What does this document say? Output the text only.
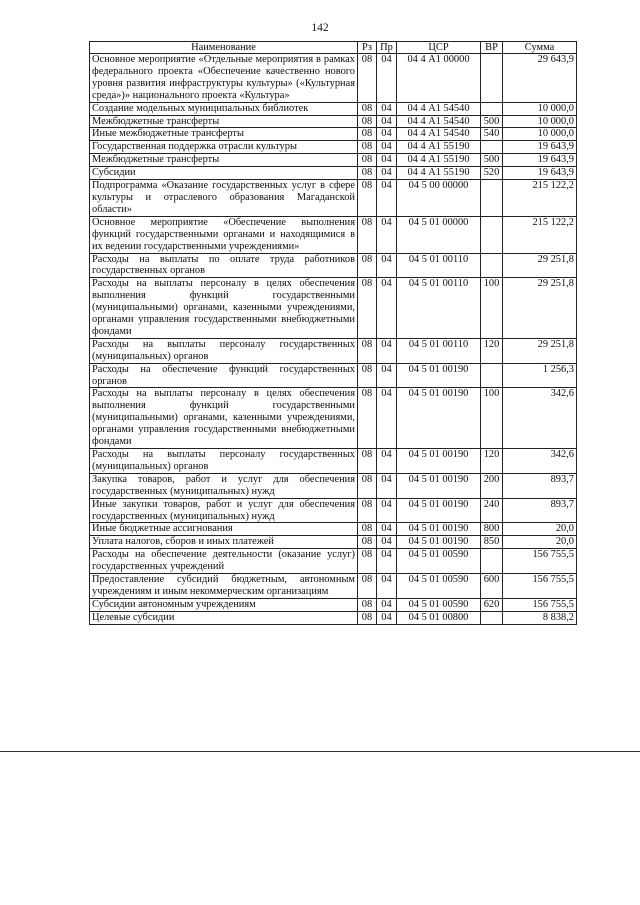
142
Наименование	Рз	Пр	ЦСР	ВР	Сумма
Основное мероприятие «Отдельные мероприятия в рамках федерального проекта «Обеспечение качественно нового уровня развития инфраструктуры культуры» («Культурная среда»)» национального проекта «Культура»	08	04	04 4 А1 00000		29 643,9
Создание модельных муниципальных библиотек	08	04	04 4 А1 54540		10 000,0
Межбюджетные трансферты	08	04	04 4 А1 54540	500	10 000,0
Иные межбюджетные трансферты	08	04	04 4 А1 54540	540	10 000,0
Государственная поддержка отрасли культуры	08	04	04 4 А1 55190		19 643,9
Межбюджетные трансферты	08	04	04 4 А1 55190	500	19 643,9
Субсидии	08	04	04 4 А1 55190	520	19 643,9
Подпрограмма «Оказание государственных услуг в сфере культуры и отраслевого образования Магаданской области»	08	04	04 5 00 00000		215 122,2
Основное мероприятие «Обеспечение выполнения функций государственными органами и находящимися в их ведении государственными учреждениями»	08	04	04 5 01 00000		215 122,2
Расходы на выплаты по оплате труда работников государственных органов	08	04	04 5 01 00110		29 251,8
Расходы на выплаты персоналу в целях обеспечения выполнения функций государственными (муниципальными) органами, казенными учреждениями, органами управления государственными внебюджетными фондами	08	04	04 5 01 00110	100	29 251,8
Расходы на выплаты персоналу государственных (муниципальных) органов	08	04	04 5 01 00110	120	29 251,8
Расходы на обеспечение функций государственных органов	08	04	04 5 01 00190		1 256,3
Расходы на выплаты персоналу в целях обеспечения выполнения функций государственными (муниципальными) органами, казенными учреждениями, органами управления государственными внебюджетными фондами	08	04	04 5 01 00190	100	342,6
Расходы на выплаты персоналу государственных (муниципальных) органов	08	04	04 5 01 00190	120	342,6
Закупка товаров, работ и услуг для обеспечения государственных (муниципальных) нужд	08	04	04 5 01 00190	200	893,7
Иные закупки товаров, работ и услуг для обеспечения государственных (муниципальных) нужд	08	04	04 5 01 00190	240	893,7
Иные бюджетные ассигнования	08	04	04 5 01 00190	800	20,0
Уплата налогов, сборов и иных платежей	08	04	04 5 01 00190	850	20,0
Расходы на обеспечение деятельности (оказание услуг) государственных учреждений	08	04	04 5 01 00590		156 755,5
Предоставление субсидий бюджетным, автономным учреждениям и иным некоммерческим организациям	08	04	04 5 01 00590	600	156 755,5
Субсидии автономным учреждениям	08	04	04 5 01 00590	620	156 755,5
Целевые субсидии	08	04	04 5 01 00800		8 838,2
